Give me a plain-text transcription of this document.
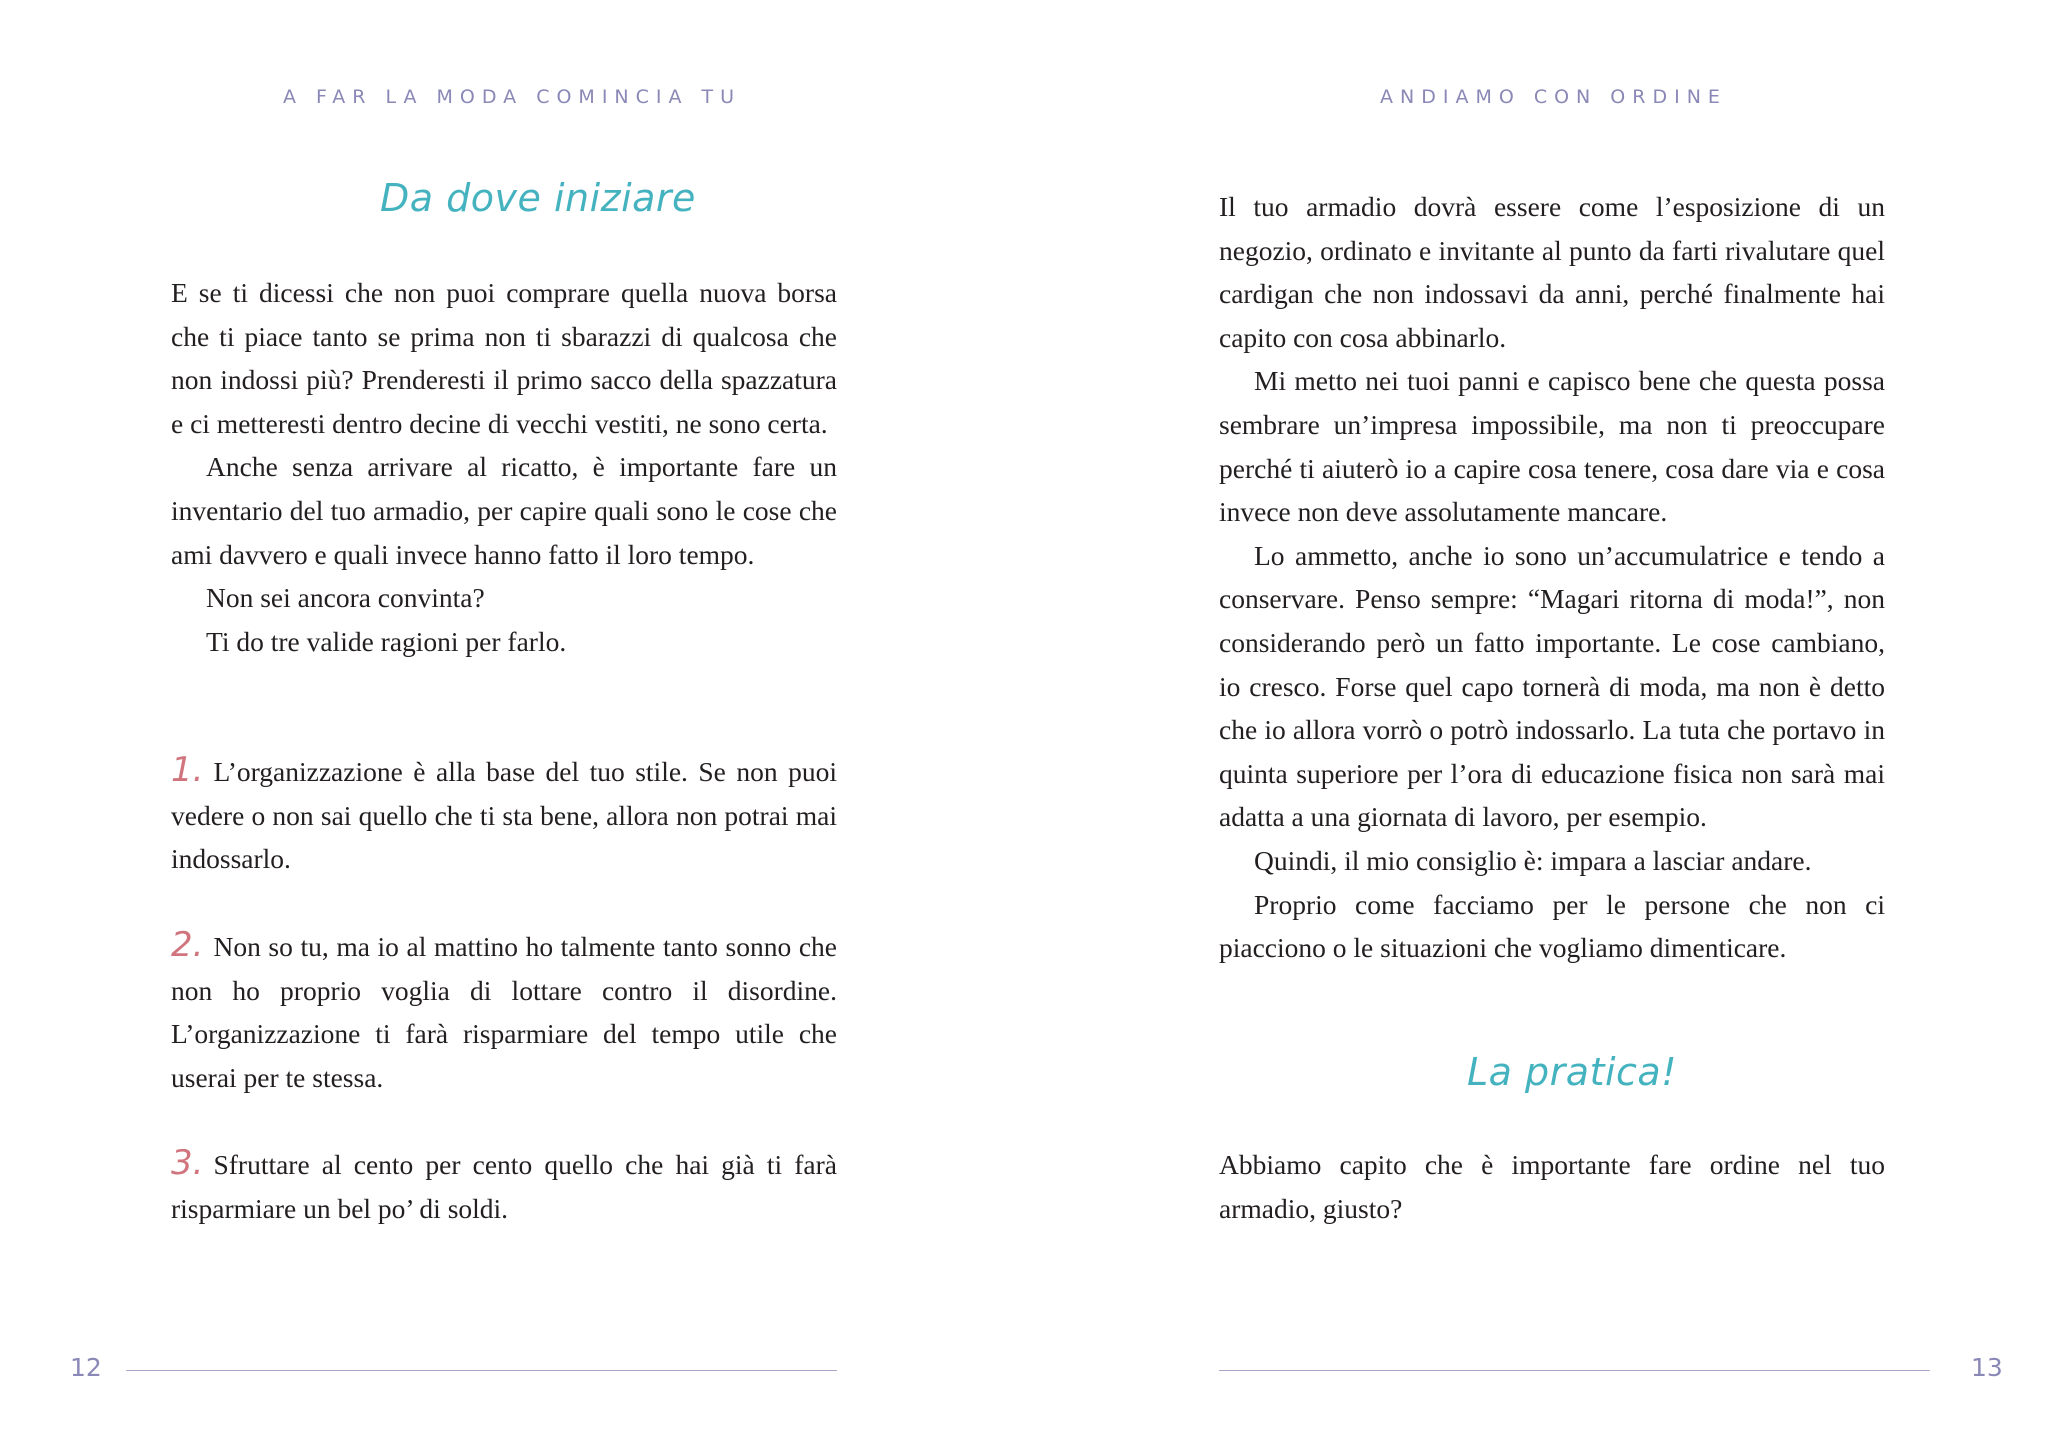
A FAR LA MODA COMINCIA TU
Da dove iniziare

E se ti dicessi che non puoi comprare quella nuova borsa che ti piace tanto se prima non ti sbarazzi di qualcosa che non indossi più? Prenderesti il primo sacco della spazzatura e ci metteresti dentro decine di vecchi vestiti, ne sono certa.

Anche senza arrivare al ricatto, è importante fare un inventario del tuo armadio, per capire quali sono le cose che ami davvero e quali invece hanno fatto il loro tempo.

Non sei ancora convinta?

Ti do tre valide ragioni per farlo.

1. L’organizzazione è alla base del tuo stile. Se non puoi vedere o non sai quello che ti sta bene, allora non potrai mai indossarlo.
2. Non so tu, ma io al mattino ho talmente tanto sonno che non ho proprio voglia di lottare contro il disordine. L’organizzazione ti farà risparmiare del tempo utile che userai per te stessa.
3. Sfruttare al cento per cento quello che hai già ti farà risparmiare un bel po’ di soldi.
12
ANDIAMO CON ORDINE

Il tuo armadio dovrà essere come l’esposizione di un negozio, ordinato e invitante al punto da farti rivalutare quel cardigan che non indossavi da anni, perché finalmente hai capito con cosa abbinarlo.

Mi metto nei tuoi panni e capisco bene che questa possa sembrare un’impresa impossibile, ma non ti preoccupare perché ti aiuterò io a capire cosa tenere, cosa dare via e cosa invece non deve assolutamente mancare.

Lo ammetto, anche io sono un’accumulatrice e tendo a conservare. Penso sempre: “Magari ritorna di moda!”, non considerando però un fatto importante. Le cose cambiano, io cresco. Forse quel capo tornerà di moda, ma non è detto che io allora vorrò o potrò indossarlo. La tuta che portavo in quinta superiore per l’ora di educazione fisica non sarà mai adatta a una giornata di lavoro, per esempio.

Quindi, il mio consiglio è: impara a lasciar andare.

Proprio come facciamo per le persone che non ci piacciono o le situazioni che vogliamo dimenticare.

La pratica!

Abbiamo capito che è importante fare ordine nel tuo armadio, giusto?

13
